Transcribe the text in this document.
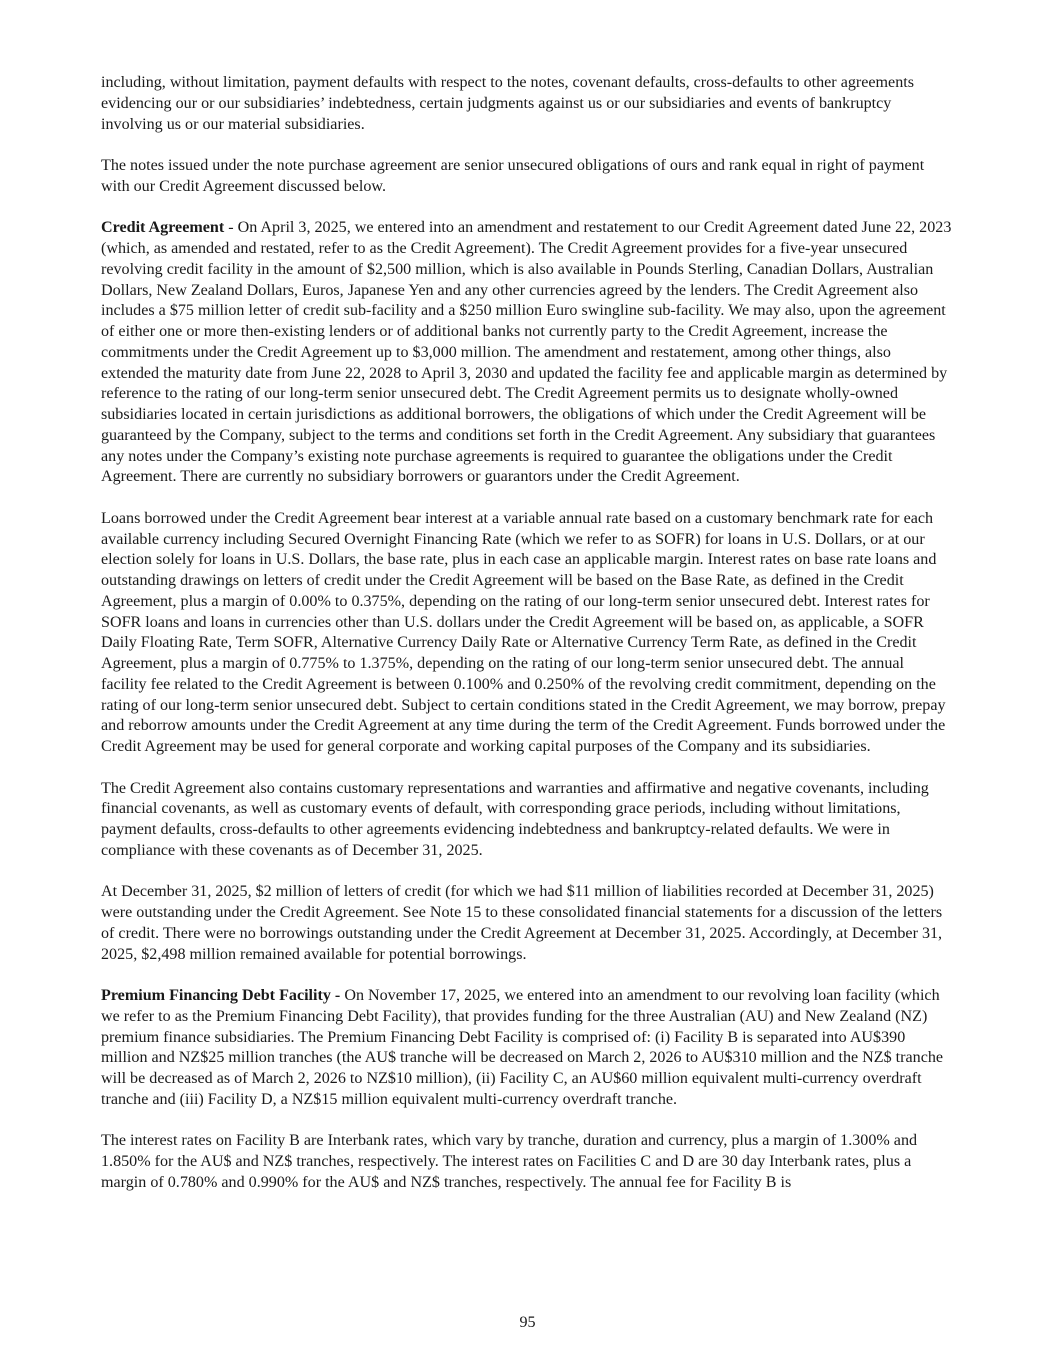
including, without limitation, payment defaults with respect to the notes, covenant defaults, cross-defaults to other agreements evidencing our or our subsidiaries’ indebtedness, certain judgments against us or our subsidiaries and events of bankruptcy involving us or our material subsidiaries.

The notes issued under the note purchase agreement are senior unsecured obligations of ours and rank equal in right of payment with our Credit Agreement discussed below.

Credit Agreement - On April 3, 2025, we entered into an amendment and restatement to our Credit Agreement dated June 22, 2023 (which, as amended and restated, refer to as the Credit Agreement). The Credit Agreement provides for a five-year unsecured revolving credit facility in the amount of $2,500 million, which is also available in Pounds Sterling, Canadian Dollars, Australian Dollars, New Zealand Dollars, Euros, Japanese Yen and any other currencies agreed by the lenders. The Credit Agreement also includes a $75 million letter of credit sub-facility and a $250 million Euro swingline sub-facility. We may also, upon the agreement of either one or more then-existing lenders or of additional banks not currently party to the Credit Agreement, increase the commitments under the Credit Agreement up to $3,000 million. The amendment and restatement, among other things, also extended the maturity date from June 22, 2028 to April 3, 2030 and updated the facility fee and applicable margin as determined by reference to the rating of our long-term senior unsecured debt. The Credit Agreement permits us to designate wholly-owned subsidiaries located in certain jurisdictions as additional borrowers, the obligations of which under the Credit Agreement will be guaranteed by the Company, subject to the terms and conditions set forth in the Credit Agreement. Any subsidiary that guarantees any notes under the Company’s existing note purchase agreements is required to guarantee the obligations under the Credit Agreement. There are currently no subsidiary borrowers or guarantors under the Credit Agreement.

Loans borrowed under the Credit Agreement bear interest at a variable annual rate based on a customary benchmark rate for each available currency including Secured Overnight Financing Rate (which we refer to as SOFR) for loans in U.S. Dollars, or at our election solely for loans in U.S. Dollars, the base rate, plus in each case an applicable margin. Interest rates on base rate loans and outstanding drawings on letters of credit under the Credit Agreement will be based on the Base Rate, as defined in the Credit Agreement, plus a margin of 0.00% to 0.375%, depending on the rating of our long-term senior unsecured debt. Interest rates for SOFR loans and loans in currencies other than U.S. dollars under the Credit Agreement will be based on, as applicable, a SOFR Daily Floating Rate, Term SOFR, Alternative Currency Daily Rate or Alternative Currency Term Rate, as defined in the Credit Agreement, plus a margin of 0.775% to 1.375%, depending on the rating of our long-term senior unsecured debt. The annual facility fee related to the Credit Agreement is between 0.100% and 0.250% of the revolving credit commitment, depending on the rating of our long-term senior unsecured debt. Subject to certain conditions stated in the Credit Agreement, we may borrow, prepay and reborrow amounts under the Credit Agreement at any time during the term of the Credit Agreement. Funds borrowed under the Credit Agreement may be used for general corporate and working capital purposes of the Company and its subsidiaries.

The Credit Agreement also contains customary representations and warranties and affirmative and negative covenants, including financial covenants, as well as customary events of default, with corresponding grace periods, including without limitations, payment defaults, cross-defaults to other agreements evidencing indebtedness and bankruptcy-related defaults. We were in compliance with these covenants as of December 31, 2025.

At December 31, 2025, $2 million of letters of credit (for which we had $11 million of liabilities recorded at December 31, 2025) were outstanding under the Credit Agreement. See Note 15 to these consolidated financial statements for a discussion of the letters of credit. There were no borrowings outstanding under the Credit Agreement at December 31, 2025. Accordingly, at December 31, 2025, $2,498 million remained available for potential borrowings.

Premium Financing Debt Facility - On November 17, 2025, we entered into an amendment to our revolving loan facility (which we refer to as the Premium Financing Debt Facility), that provides funding for the three Australian (AU) and New Zealand (NZ) premium finance subsidiaries. The Premium Financing Debt Facility is comprised of: (i) Facility B is separated into AU$390 million and NZ$25 million tranches (the AU$ tranche will be decreased on March 2, 2026 to AU$310 million and the NZ$ tranche will be decreased as of March 2, 2026 to NZ$10 million), (ii) Facility C, an AU$60 million equivalent multi-currency overdraft tranche and (iii) Facility D, a NZ$15 million equivalent multi-currency overdraft tranche.

The interest rates on Facility B are Interbank rates, which vary by tranche, duration and currency, plus a margin of 1.300% and 1.850% for the AU$ and NZ$ tranches, respectively. The interest rates on Facilities C and D are 30 day Interbank rates, plus a margin of 0.780% and 0.990% for the AU$ and NZ$ tranches, respectively. The annual fee for Facility B is

95
